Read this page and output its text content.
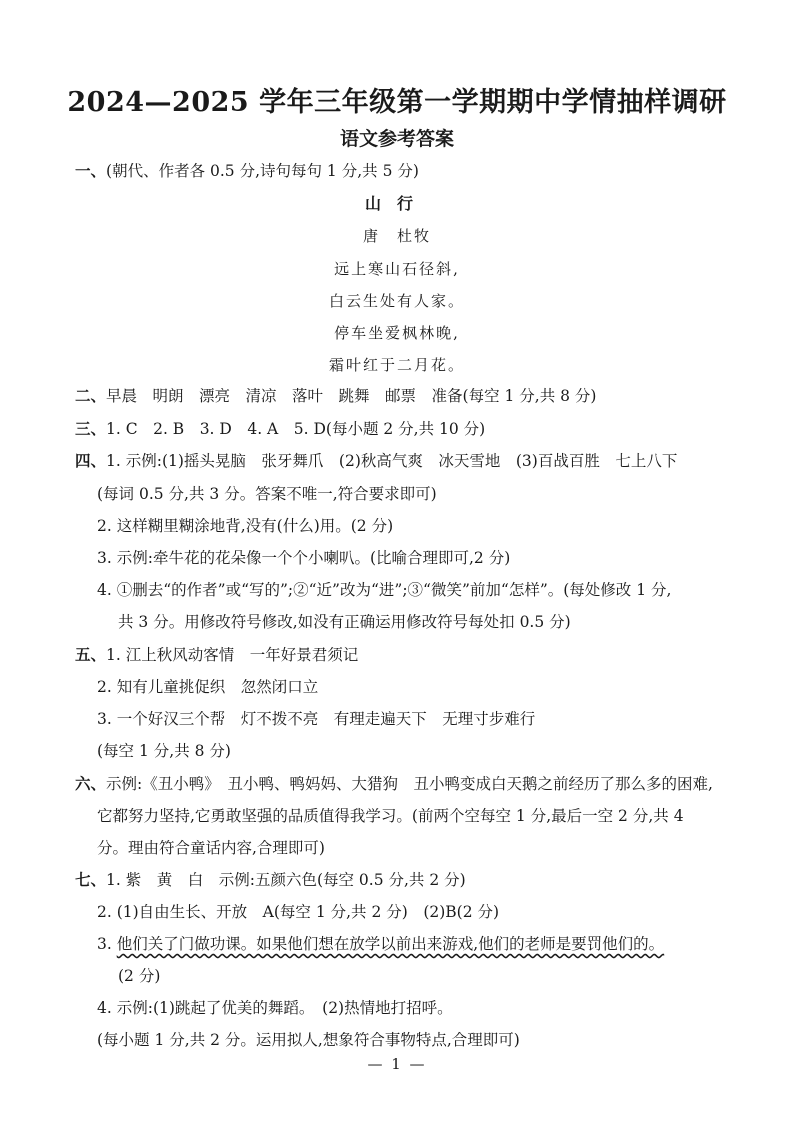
2024—2025 学年三年级第一学期期中学情抽样调研
语文参考答案
一、(朝代、作者各 0.5 分,诗句每句 1 分,共 5 分)
山行
唐　杜牧
远上寒山石径斜,
白云生处有人家。
停车坐爱枫林晚,
霜叶红于二月花。
二、早晨　明朗　漂亮　清凉　落叶　跳舞　邮票　准备(每空 1 分,共 8 分)
三、1. C　2. B　3. D　4. A　5. D(每小题 2 分,共 10 分)
四、1. 示例:(1)摇头晃脑　张牙舞爪　(2)秋高气爽　冰天雪地　(3)百战百胜　七上八下
(每词 0.5 分,共 3 分。答案不唯一,符合要求即可)
2. 这样糊里糊涂地背,没有(什么)用。(2 分)
3. 示例:牵牛花的花朵像一个个小喇叭。(比喻合理即可,2 分)
4. ①删去“的作者”或“写的”;②“近”改为“进”;③“微笑”前加“怎样”。(每处修改 1 分,
共 3 分。用修改符号修改,如没有正确运用修改符号每处扣 0.5 分)
五、1. 江上秋风动客情　一年好景君须记
2. 知有儿童挑促织　忽然闭口立
3. 一个好汉三个帮　灯不拨不亮　有理走遍天下　无理寸步难行
(每空 1 分,共 8 分)
六、示例:《丑小鸭》　丑小鸭、鸭妈妈、大猎狗　丑小鸭变成白天鹅之前经历了那么多的困难,
它都努力坚持,它勇敢坚强的品质值得我学习。(前两个空每空 1 分,最后一空 2 分,共 4
分。理由符合童话内容,合理即可)
七、1. 紫　黄　白　示例:五颜六色(每空 0.5 分,共 2 分)
2. (1)自由生长、开放　A(每空 1 分,共 2 分)　(2)B(2 分)
3. 他们关了门做功课。如果他们想在放学以前出来游戏,他们的老师是要罚他们的。
(2 分)
4. 示例:(1)跳起了优美的舞蹈。　(2)热情地打招呼。
(每小题 1 分,共 2 分。运用拟人,想象符合事物特点,合理即可)
— 1 —
